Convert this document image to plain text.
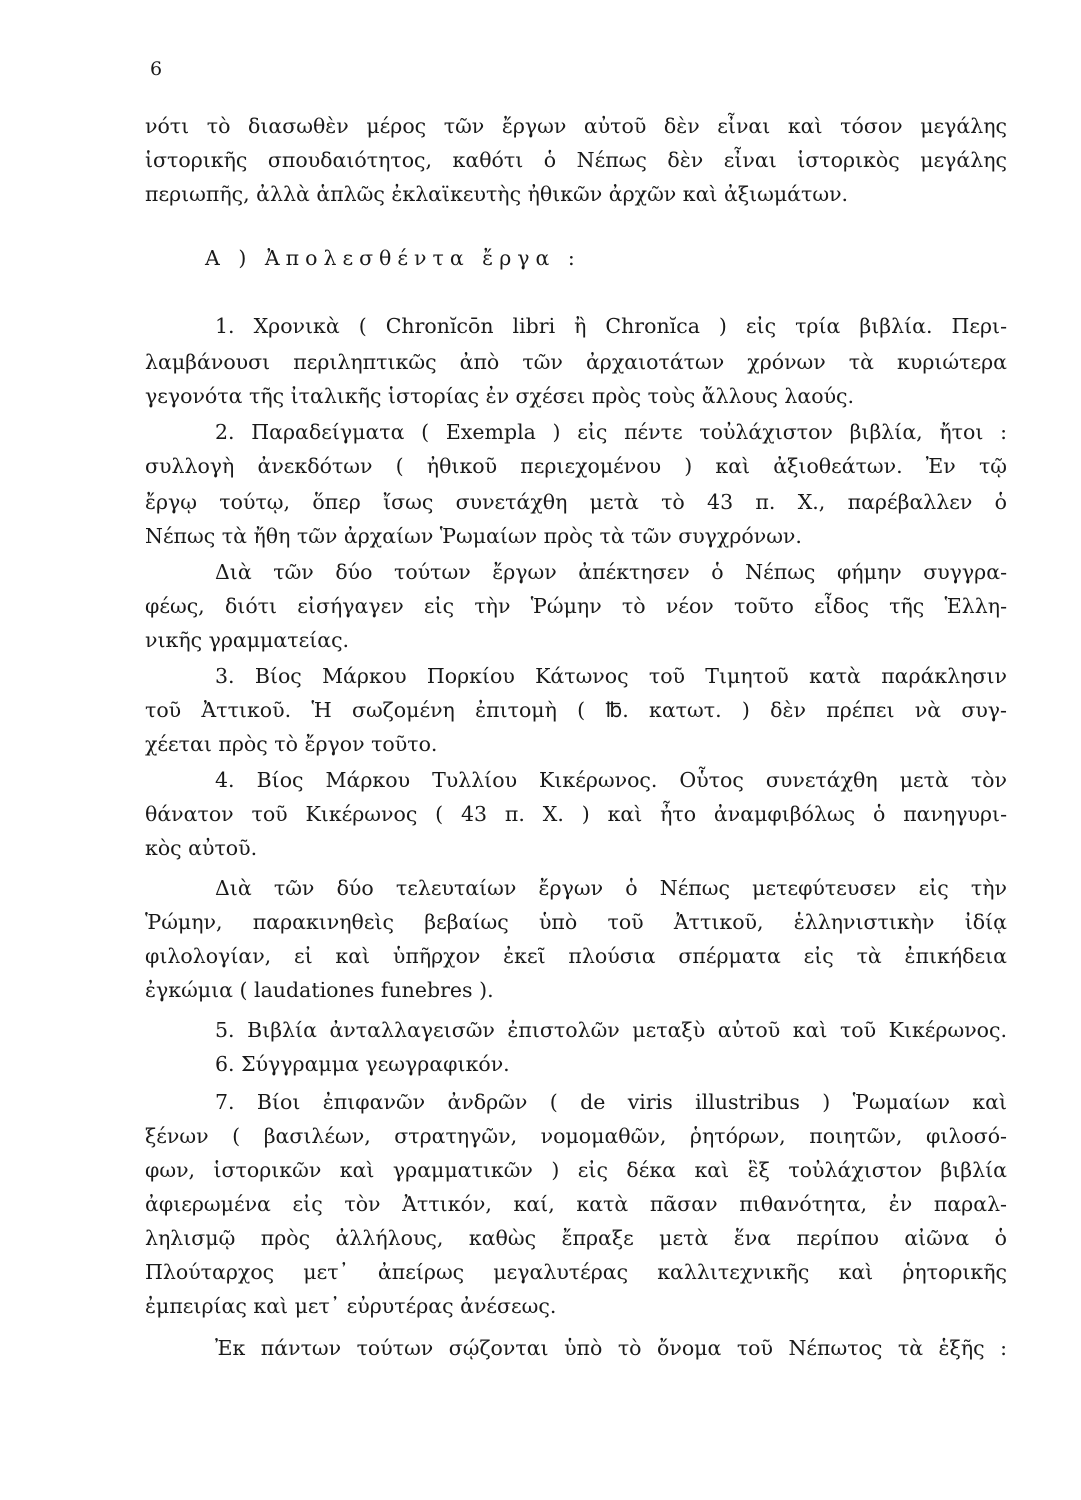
6
νότι τὸ διασωθὲν μέρος τῶν ἔργων αὐτοῦ δὲν εἶναι καὶ τόσον μεγάλης
ἱστορικῆς σπουδαιότητος, καθότι ὁ Νέπως δὲν εἶναι ἱστορικὸς μεγάλης
περιωπῆς, ἀλλὰ ἁπλῶς ἐκλαϊκευτὴς ἠθικῶν ἀρχῶν καὶ ἀξιωμάτων.
Α ) Ἀπολεσθέντα ἔργα :
1. Χρονικὰ ( Chronĭcōn libri ἢ Chronĭca ) εἰς τρία βιβλία. Περι-
λαμβάνουσι περιληπτικῶς ἀπὸ τῶν ἀρχαιοτάτων χρόνων τὰ κυριώτερα
γεγονότα τῆς ἰταλικῆς ἱστορίας ἐν σχέσει πρὸς τοὺς ἄλλους λαούς.
2. Παραδείγματα ( Exempla ) εἰς πέντε τοὐλάχιστον βιβλία, ἤτοι :
συλλογὴ ἀνεκδότων ( ἠθικοῦ περιεχομένου ) καὶ ἀξιοθεάτων. Ἐν τῷ
ἔργῳ τούτῳ, ὅπερ ἴσως συνετάχθη μετὰ τὸ 43 π. Χ., παρέβαλλεν ὁ
Νέπως τὰ ἤθη τῶν ἀρχαίων Ῥωμαίων πρὸς τὰ τῶν συγχρόνων.
Διὰ τῶν δύο τούτων ἔργων ἀπέκτησεν ὁ Νέπως φήμην συγγρα-
φέως, διότι εἰσήγαγεν εἰς τὴν Ῥώμην τὸ νέον τοῦτο εἶδος τῆς Ἑλλη-
νικῆς γραμματείας.
3. Βίος Μάρκου Πορκίου Κάτωνος τοῦ Τιμητοῦ κατὰ παράκλησιν
τοῦ Ἀττικοῦ. Ἡ σωζομένη ἐπιτομὴ ( ℔. κατωτ. ) δὲν πρέπει νὰ συγ-
χέεται πρὸς τὸ ἔργον τοῦτο.
4. Βίος Μάρκου Τυλλίου Κικέρωνος. Οὗτος συνετάχθη μετὰ τὸν
θάνατον τοῦ Κικέρωνος ( 43 π. Χ. ) καὶ ἦτο ἀναμφιβόλως ὁ πανηγυρι-
κὸς αὐτοῦ.
Διὰ τῶν δύο τελευταίων ἔργων ὁ Νέπως μετεφύτευσεν εἰς τὴν
Ῥώμην, παρακινηθεὶς βεβαίως ὑπὸ τοῦ Ἀττικοῦ, ἑλληνιστικὴν ἰδίᾳ
φιλολογίαν, εἰ καὶ ὑπῆρχον ἐκεῖ πλούσια σπέρματα εἰς τὰ ἐπικήδεια
ἐγκώμια ( laudationes funebres ).
5. Βιβλία ἀνταλλαγεισῶν ἐπιστολῶν μεταξὺ αὐτοῦ καὶ τοῦ Κικέρωνος.
6. Σύγγραμμα γεωγραφικόν.
7. Βίοι ἐπιφανῶν ἀνδρῶν ( de viris illustribus ) Ῥωμαίων καὶ
ξένων ( βασιλέων, στρατηγῶν, νομομαθῶν, ῥητόρων, ποιητῶν, φιλοσό-
φων, ἱστορικῶν καὶ γραμματικῶν ) εἰς δέκα καὶ ἓξ τοὐλάχιστον βιβλία
ἀφιερωμένα εἰς τὸν Ἀττικόν, καί, κατὰ πᾶσαν πιθανότητα, ἐν παραλ-
ληλισμῷ πρὸς ἀλλήλους, καθὼς ἔπραξε μετὰ ἕνα περίπου αἰῶνα ὁ
Πλούταρχος μετ᾽ ἀπείρως μεγαλυτέρας καλλιτεχνικῆς καὶ ῥητορικῆς
ἐμπειρίας καὶ μετ᾽ εὐρυτέρας ἀνέσεως.
Ἐκ πάντων τούτων σῴζονται ὑπὸ τὸ ὄνομα τοῦ Νέπωτος τὰ ἑξῆς :
